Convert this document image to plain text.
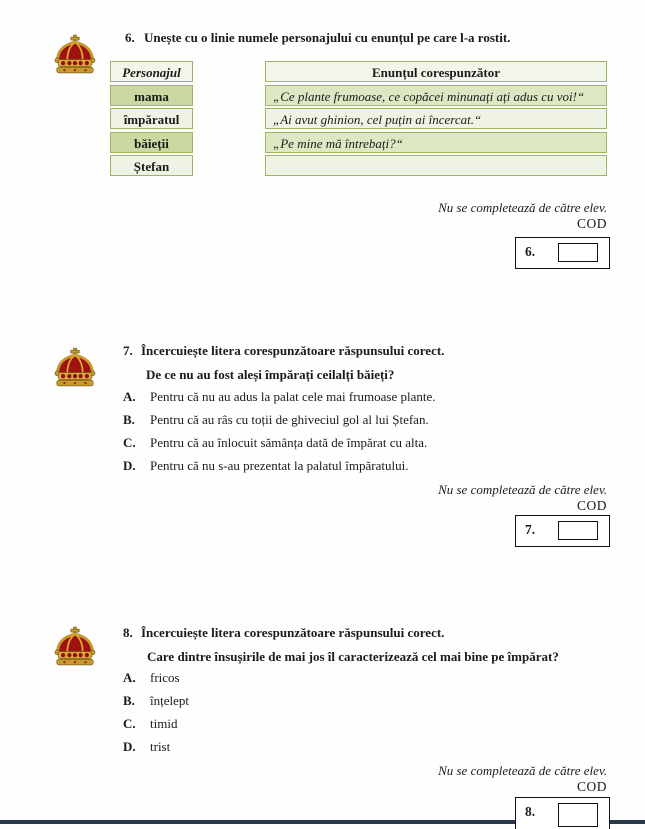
6. Unește cu o linie numele personajului cu enunțul pe care l-a rostit.
Personajul
mama
împăratul
băieții
Ștefan
Enunțul corespunzător
„Ce plante frumoase, ce copăcei minunați ați adus cu voi!“
„Ai avut ghinion, cel puțin ai încercat.“
„Pe mine mă întrebați?“
Nu se completează de către elev.
COD
6.
7. Încercuiește litera corespunzătoare răspunsului corect.
De ce nu au fost aleși împărați ceilalți băieți?
A. Pentru că nu au adus la palat cele mai frumoase plante.
B. Pentru că au râs cu toții de ghiveciul gol al lui Ștefan.
C. Pentru că au înlocuit sămânța dată de împărat cu alta.
D. Pentru că nu s-au prezentat la palatul împăratului.
Nu se completează de către elev.
COD
7.
8. Încercuiește litera corespunzătoare răspunsului corect.
Care dintre însușirile de mai jos îl caracterizează cel mai bine pe împărat?
A. fricos
B. înțelept
C. timid
D. trist
Nu se completează de către elev.
COD
8.
